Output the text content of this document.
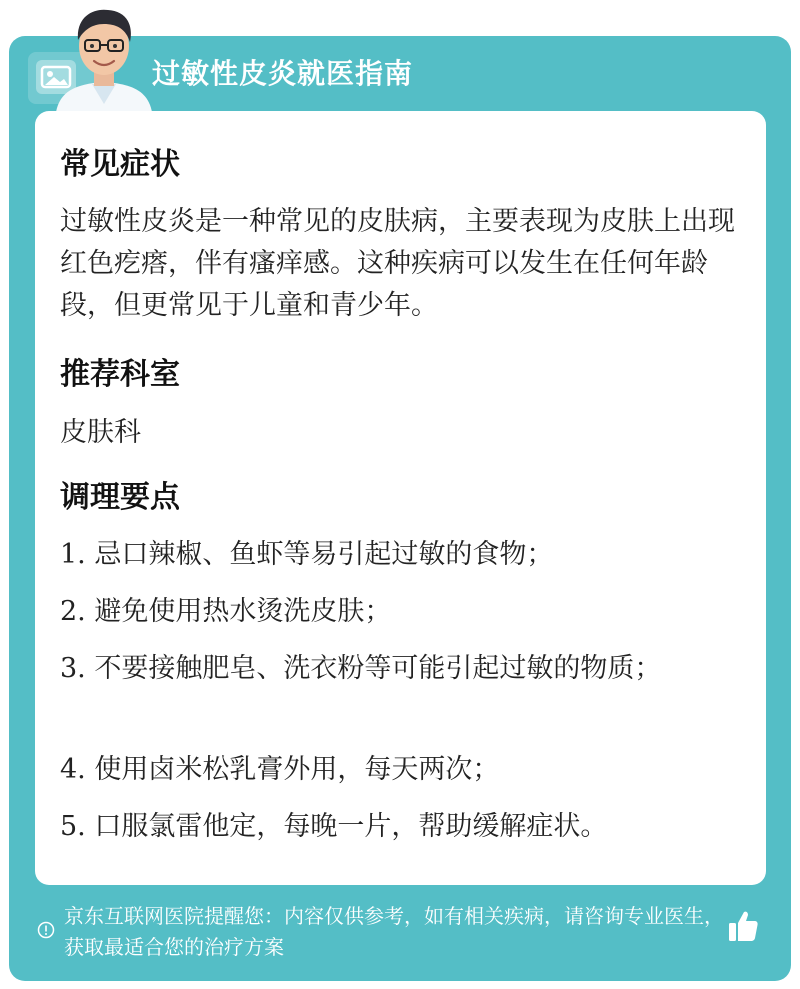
过敏性皮炎就医指南
常见症状
过敏性皮炎是一种常见的皮肤病，主要表现为皮肤上出现红色疙瘩，伴有瘙痒感。这种疾病可以发生在任何年龄段，但更常见于儿童和青少年。
推荐科室
皮肤科
调理要点
1. 忌口辣椒、鱼虾等易引起过敏的食物；
2. 避免使用热水烫洗皮肤；
3. 不要接触肥皂、洗衣粉等可能引起过敏的物质；
4. 使用卤米松乳膏外用，每天两次；
5. 口服氯雷他定，每晚一片，帮助缓解症状。
京东互联网医院提醒您：内容仅供参考，如有相关疾病，请咨询专业医生，获取最适合您的治疗方案
